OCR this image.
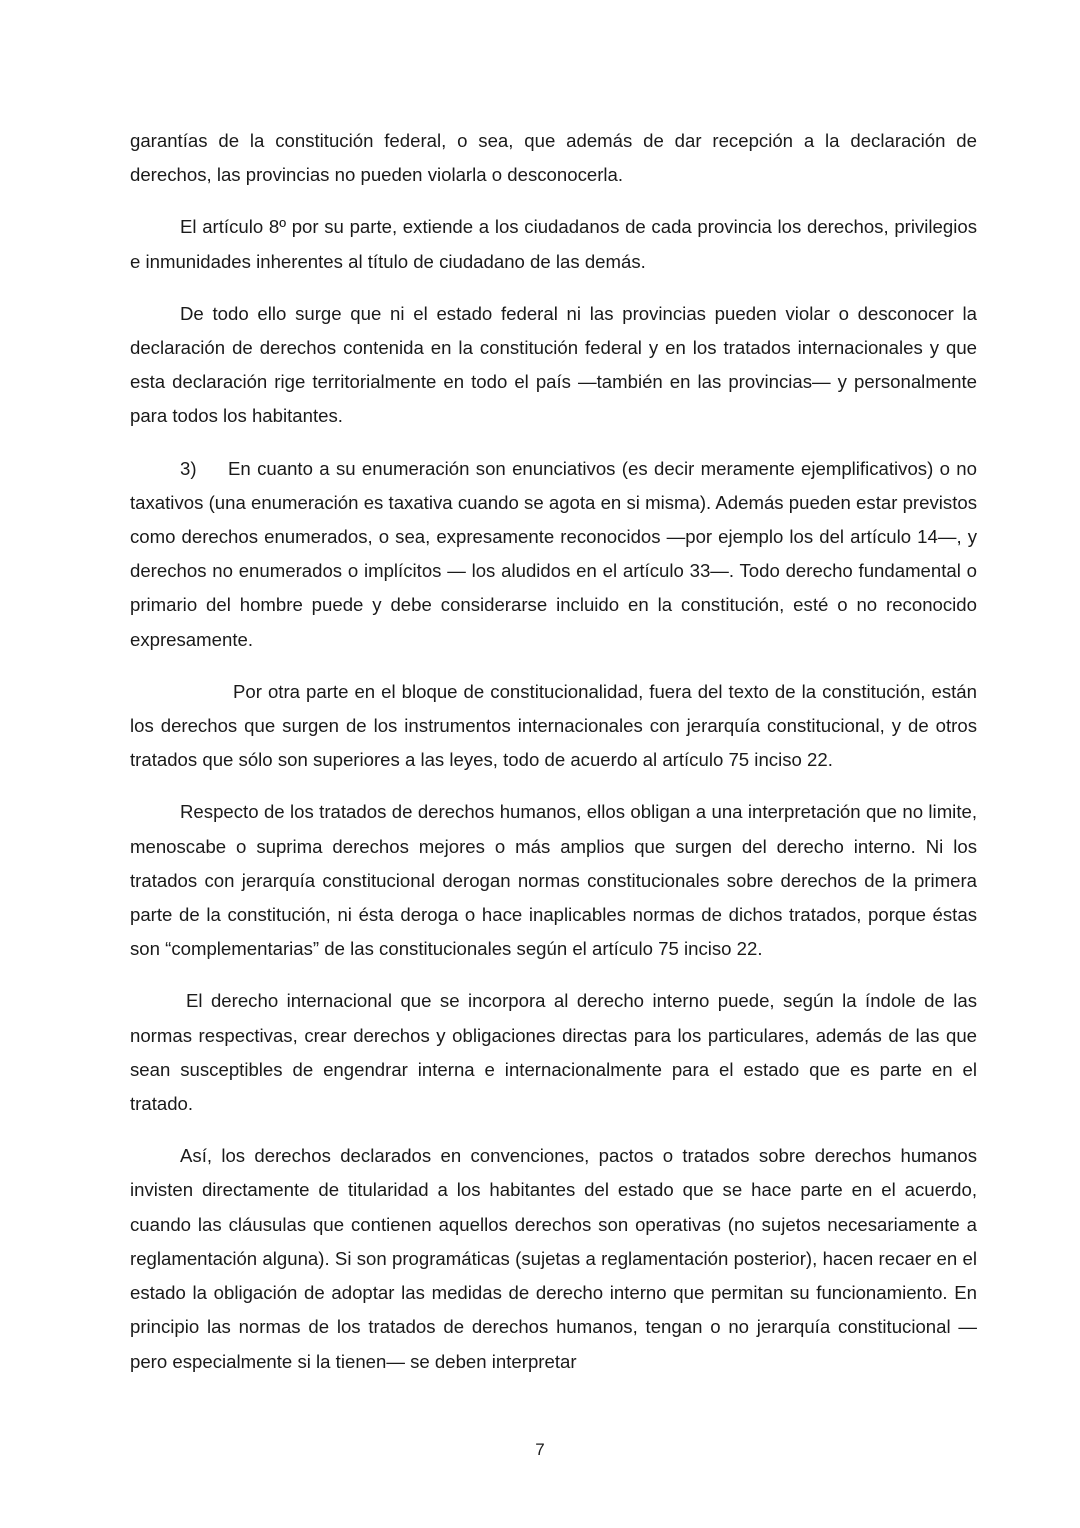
garantías de la constitución federal, o sea, que además de dar recepción a la declaración de derechos, las provincias no pueden violarla o desconocerla.

El artículo 8º por su parte, extiende a los ciudadanos de cada provincia los derechos, privilegios e inmunidades inherentes al título de ciudadano de las demás.

De todo ello surge que ni el estado federal ni las provincias pueden violar o desconocer la declaración de derechos contenida en la constitución federal y en los tratados internacionales y que esta declaración rige territorialmente en todo el país —también en las provincias— y personalmente para todos los habitantes.

3) En cuanto a su enumeración son enunciativos (es decir meramente ejemplificativos) o no taxativos (una enumeración es taxativa cuando se agota en si misma). Además pueden estar previstos como derechos enumerados, o sea, expresamente reconocidos —por ejemplo los del artículo 14—, y derechos no enumerados o implícitos — los aludidos en el artículo 33—. Todo derecho fundamental o primario del hombre puede y debe considerarse incluido en la constitución, esté o no reconocido expresamente.

Por otra parte en el bloque de constitucionalidad, fuera del texto de la constitución, están los derechos que surgen de los instrumentos internacionales con jerarquía constitucional, y de otros tratados que sólo son superiores a las leyes, todo de acuerdo al artículo 75 inciso 22.

Respecto de los tratados de derechos humanos, ellos obligan a una interpretación que no limite, menoscabe o suprima derechos mejores o más amplios que surgen del derecho interno. Ni los tratados con jerarquía constitucional derogan normas constitucionales sobre derechos de la primera parte de la constitución, ni ésta deroga o hace inaplicables normas de dichos tratados, porque éstas son “complementarias” de las constitucionales según el artículo 75 inciso 22.

El derecho internacional que se incorpora al derecho interno puede, según la índole de las normas respectivas, crear derechos y obligaciones directas para los particulares, además de las que sean susceptibles de engendrar interna e internacionalmente para el estado que es parte en el tratado.

Así, los derechos declarados en convenciones, pactos o tratados sobre derechos humanos invisten directamente de titularidad a los habitantes del estado que se hace parte en el acuerdo, cuando las cláusulas que contienen aquellos derechos son operativas (no sujetos necesariamente a reglamentación alguna). Si son programáticas (sujetas a reglamentación posterior), hacen recaer en el estado la obligación de adoptar las medidas de derecho interno que permitan su funcionamiento. En principio las normas de los tratados de derechos humanos, tengan o no jerarquía constitucional —pero especialmente si la tienen— se deben interpretar

7
